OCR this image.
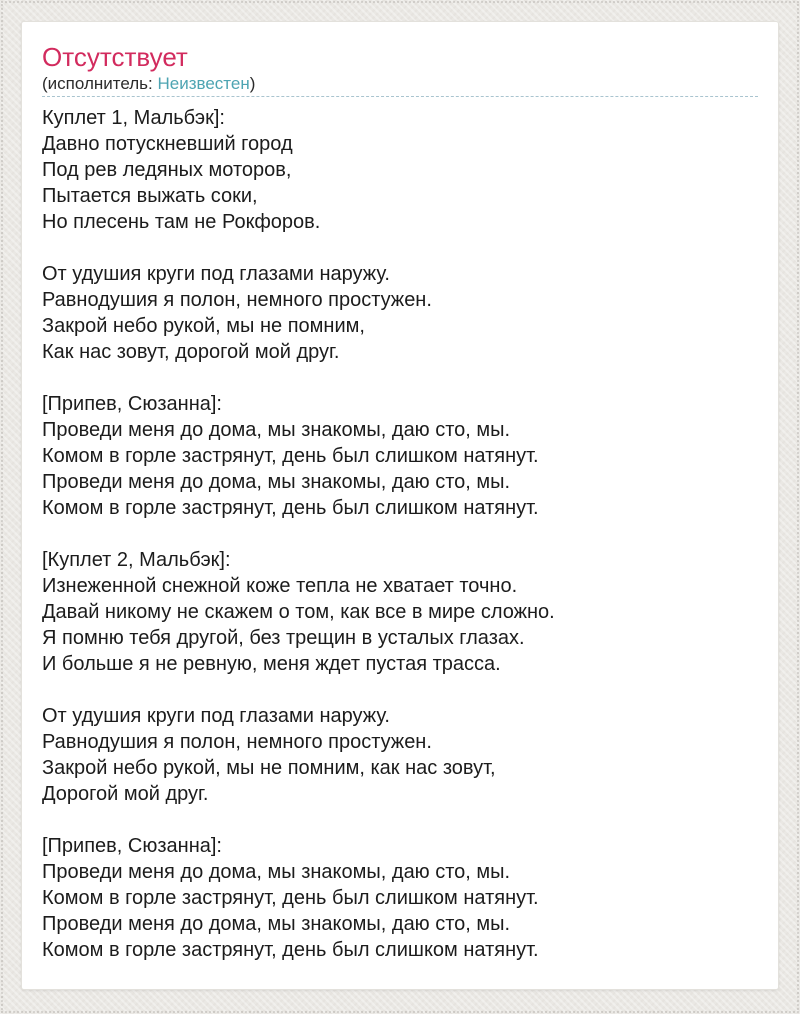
Отсутствует
(исполнитель: Неизвестен)
Куплет 1, Мальбэк]:
Давно потускневший город
Под рев ледяных моторов,
Пытается выжать соки,
Но плесень там не Рокфоров.
От удушия круги под глазами наружу.
Равнодушия я полон, немного простужен.
Закрой небо рукой, мы не помним,
Как нас зовут, дорогой мой друг.
[Припев, Сюзанна]:
Проведи меня до дома, мы знакомы, даю сто, мы.
Комом в горле застрянут, день был слишком натянут.
Проведи меня до дома, мы знакомы, даю сто, мы.
Комом в горле застрянут, день был слишком натянут.
[Куплет 2, Мальбэк]:
Изнеженной снежной коже тепла не хватает точно.
Давай никому не скажем о том, как все в мире сложно.
Я помню тебя другой, без трещин в усталых глазах.
И больше я не ревную, меня ждет пустая трасса.
От удушия круги под глазами наружу.
Равнодушия я полон, немного простужен.
Закрой небо рукой, мы не помним, как нас зовут,
Дорогой мой друг.
[Припев, Сюзанна]:
Проведи меня до дома, мы знакомы, даю сто, мы.
Комом в горле застрянут, день был слишком натянут.
Проведи меня до дома, мы знакомы, даю сто, мы.
Комом в горле застрянут, день был слишком натянут.
